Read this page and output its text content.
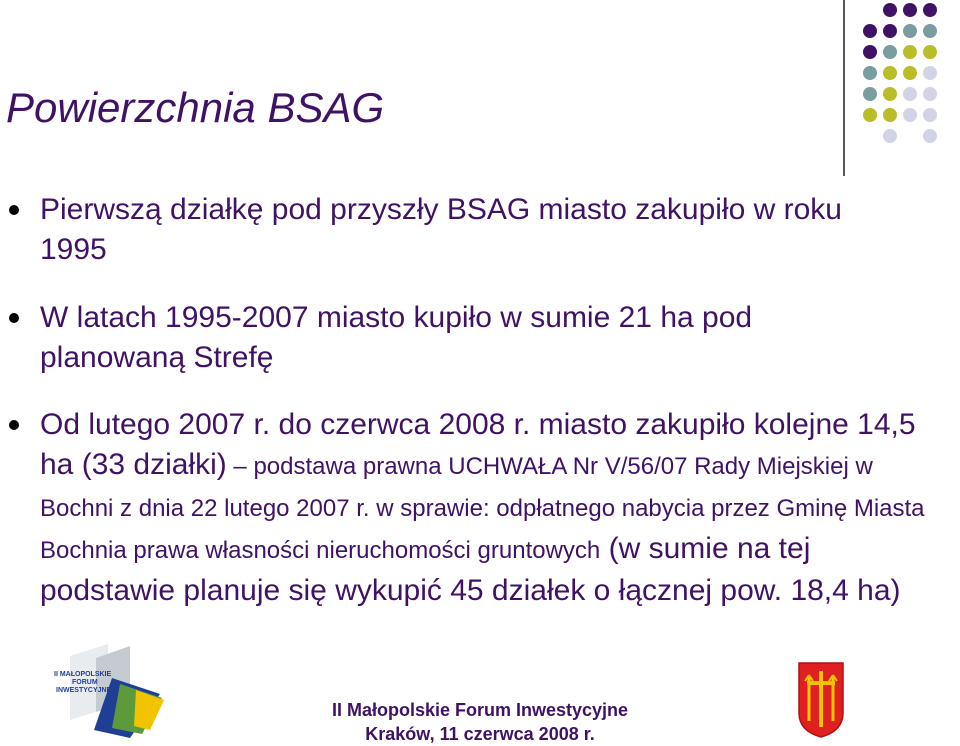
Powierzchnia BSAG
Pierwszą działkę pod przyszły BSAG miasto zakupiło w roku 1995
W latach 1995-2007 miasto kupiło w sumie 21 ha pod planowaną Strefę
Od lutego 2007 r. do czerwca 2008 r. miasto zakupiło kolejne 14,5 ha (33 działki) – podstawa prawna UCHWAŁA Nr V/56/07 Rady Miejskiej w Bochni z dnia 22 lutego 2007 r. w sprawie: odpłatnego nabycia przez Gminę Miasta Bochnia prawa własności nieruchomości gruntowych (w sumie na tej podstawie planuje się wykupić 45 działek o łącznej pow. 18,4 ha)
II MAŁOPOLSKIE
FORUM
INWESTYCYJNE
II Małopolskie Forum Inwestycyjne
Kraków, 11 czerwca 2008 r.
